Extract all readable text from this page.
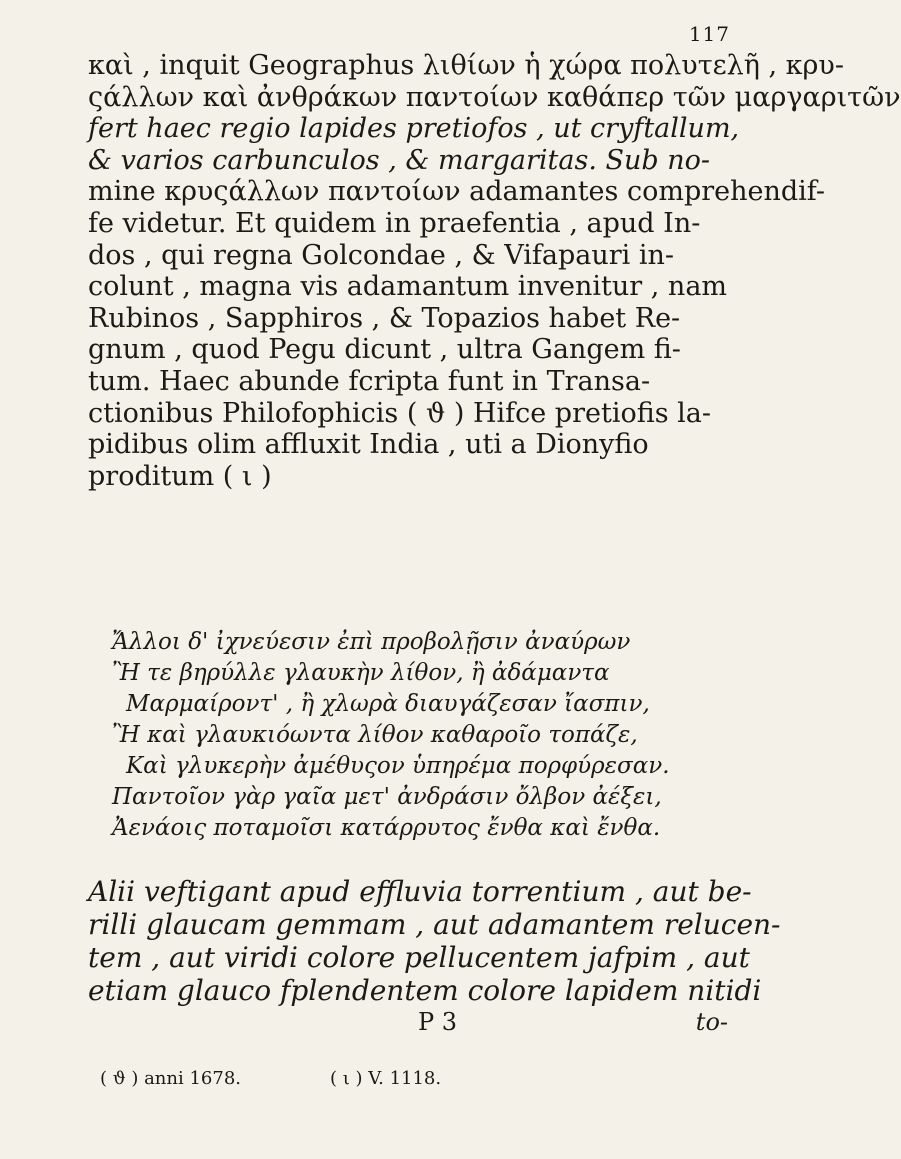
117
καὶ , inquit Geographus λιθίων ἡ χώρα πολυτελῆ , κρυ-
ςάλλων καὶ ἀνθράκων παντοίων καθάπερ τῶν μαργαριτῶν
fert haec regio lapides pretiofos , ut cryftallum,
& varios carbunculos , & margaritas. Sub no-
mine κρυςάλλων παντοίων adamantes comprehendif-
fe videtur. Et quidem in praefentia , apud In-
dos , qui regna Golcondae , & Vifapauri in-
colunt , magna vis adamantum invenitur , nam
Rubinos , Sapphiros , & Topazios habet Re-
gnum , quod Pegu dicunt , ultra Gangem fi-
tum. Haec abunde fcripta funt in Transa-
ctionibus Philofophicis ( ϑ ) Hifce pretiofis la-
pidibus olim affluxit India , uti a Dionyfio
proditum ( ι )
Ἄλλοι δ' ἰχνεύεσιν ἐπὶ προβολῇσιν ἀναύρων
Ἢ τε βηρύλλε γλαυκὴν λίθον, ἢ ἀδάμαντα
Μαρμαίροντ' , ἢ χλωρὰ διαυγάζεσαν ἴασπιν,
Ἢ καὶ γλαυκιόωντα λίθον καθαροῖο τοπάζε,
Καὶ γλυκερὴν ἀμέθυςον ὑπηρέμα πορφύρεσαν.
Παντοῖον γὰρ γαῖα μετ' ἀνδράσιν ὄλβον ἀέξει,
Ἀενάοις ποταμοῖσι κατάρρυτος ἔνθα καὶ ἔνθα.
Alii veftigant apud effluvia torrentium , aut be-
rilli glaucam gemmam , aut adamantem relucen-
tem , aut viridi colore pellucentem jafpim , aut
etiam glauco fplendentem colore lapidem nitidi
P 3	to-
( ϑ ) anni 1678.	( ι ) V. 1118.
